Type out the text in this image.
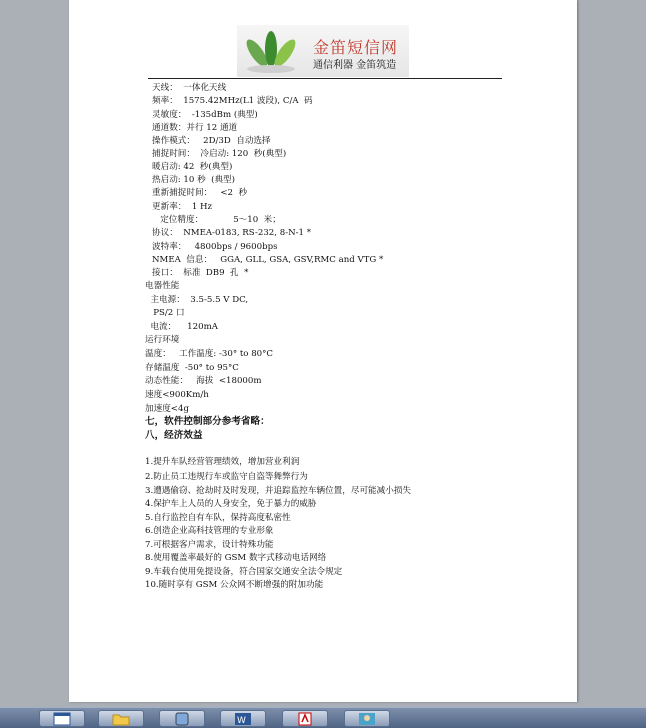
金笛短信网
通信利器 金笛筑造
天线：  一体化天线
频率：  1575.42MHz(L1 波段), C/A  码
灵敏度：  -135dBm (典型)
通道数：并行 12 通道
操作模式：   2D/3D  自动选择
捕捉时间：  冷启动: 120  秒(典型)
暖启动: 42  秒(典型)
热启动: 10 秒  (典型)
重新捕捉时间：   <2  秒
更新率：  1 Hz
定位精度：           5～10  米；
协议：  NMEA-0183, RS-232, 8-N-1 *
波特率：   4800bps / 9600bps
NMEA  信息：   GGA, GLL, GSA, GSV,RMC and VTG *
接口：  标准  DB9  孔  *
电器性能
主电源：  3.5-5.5 V DC,
PS/2 口
电流：    120mA
运行环境
温度：   工作温度: -30° to 80°C
存储温度  -50° to 95°C
动态性能：   海拔  <18000m
速度<900Km/h
加速度<4g
七，软件控制部分参考省略：
八，经济效益
1.提升车队经营管理绩效，增加营业利润
2.防止员工违规行车或监守自盗等舞弊行为
3.遭遇偷窃、抢劫时及时发现，并追踪监控车辆位置，尽可能减小损失
4.保护车上人员的人身安全，免于暴力的威胁
5.自行监控自有车队，保持高度私密性
6.创造企业高科技管理的专业形象
7.可根据客户需求，设计特殊功能
8.使用覆盖率最好的 GSM 数字式移动电话网络
9.车载台使用免提设备，符合国家交通安全法令规定
10.随时享有 GSM 公众网不断增强的附加功能
W
